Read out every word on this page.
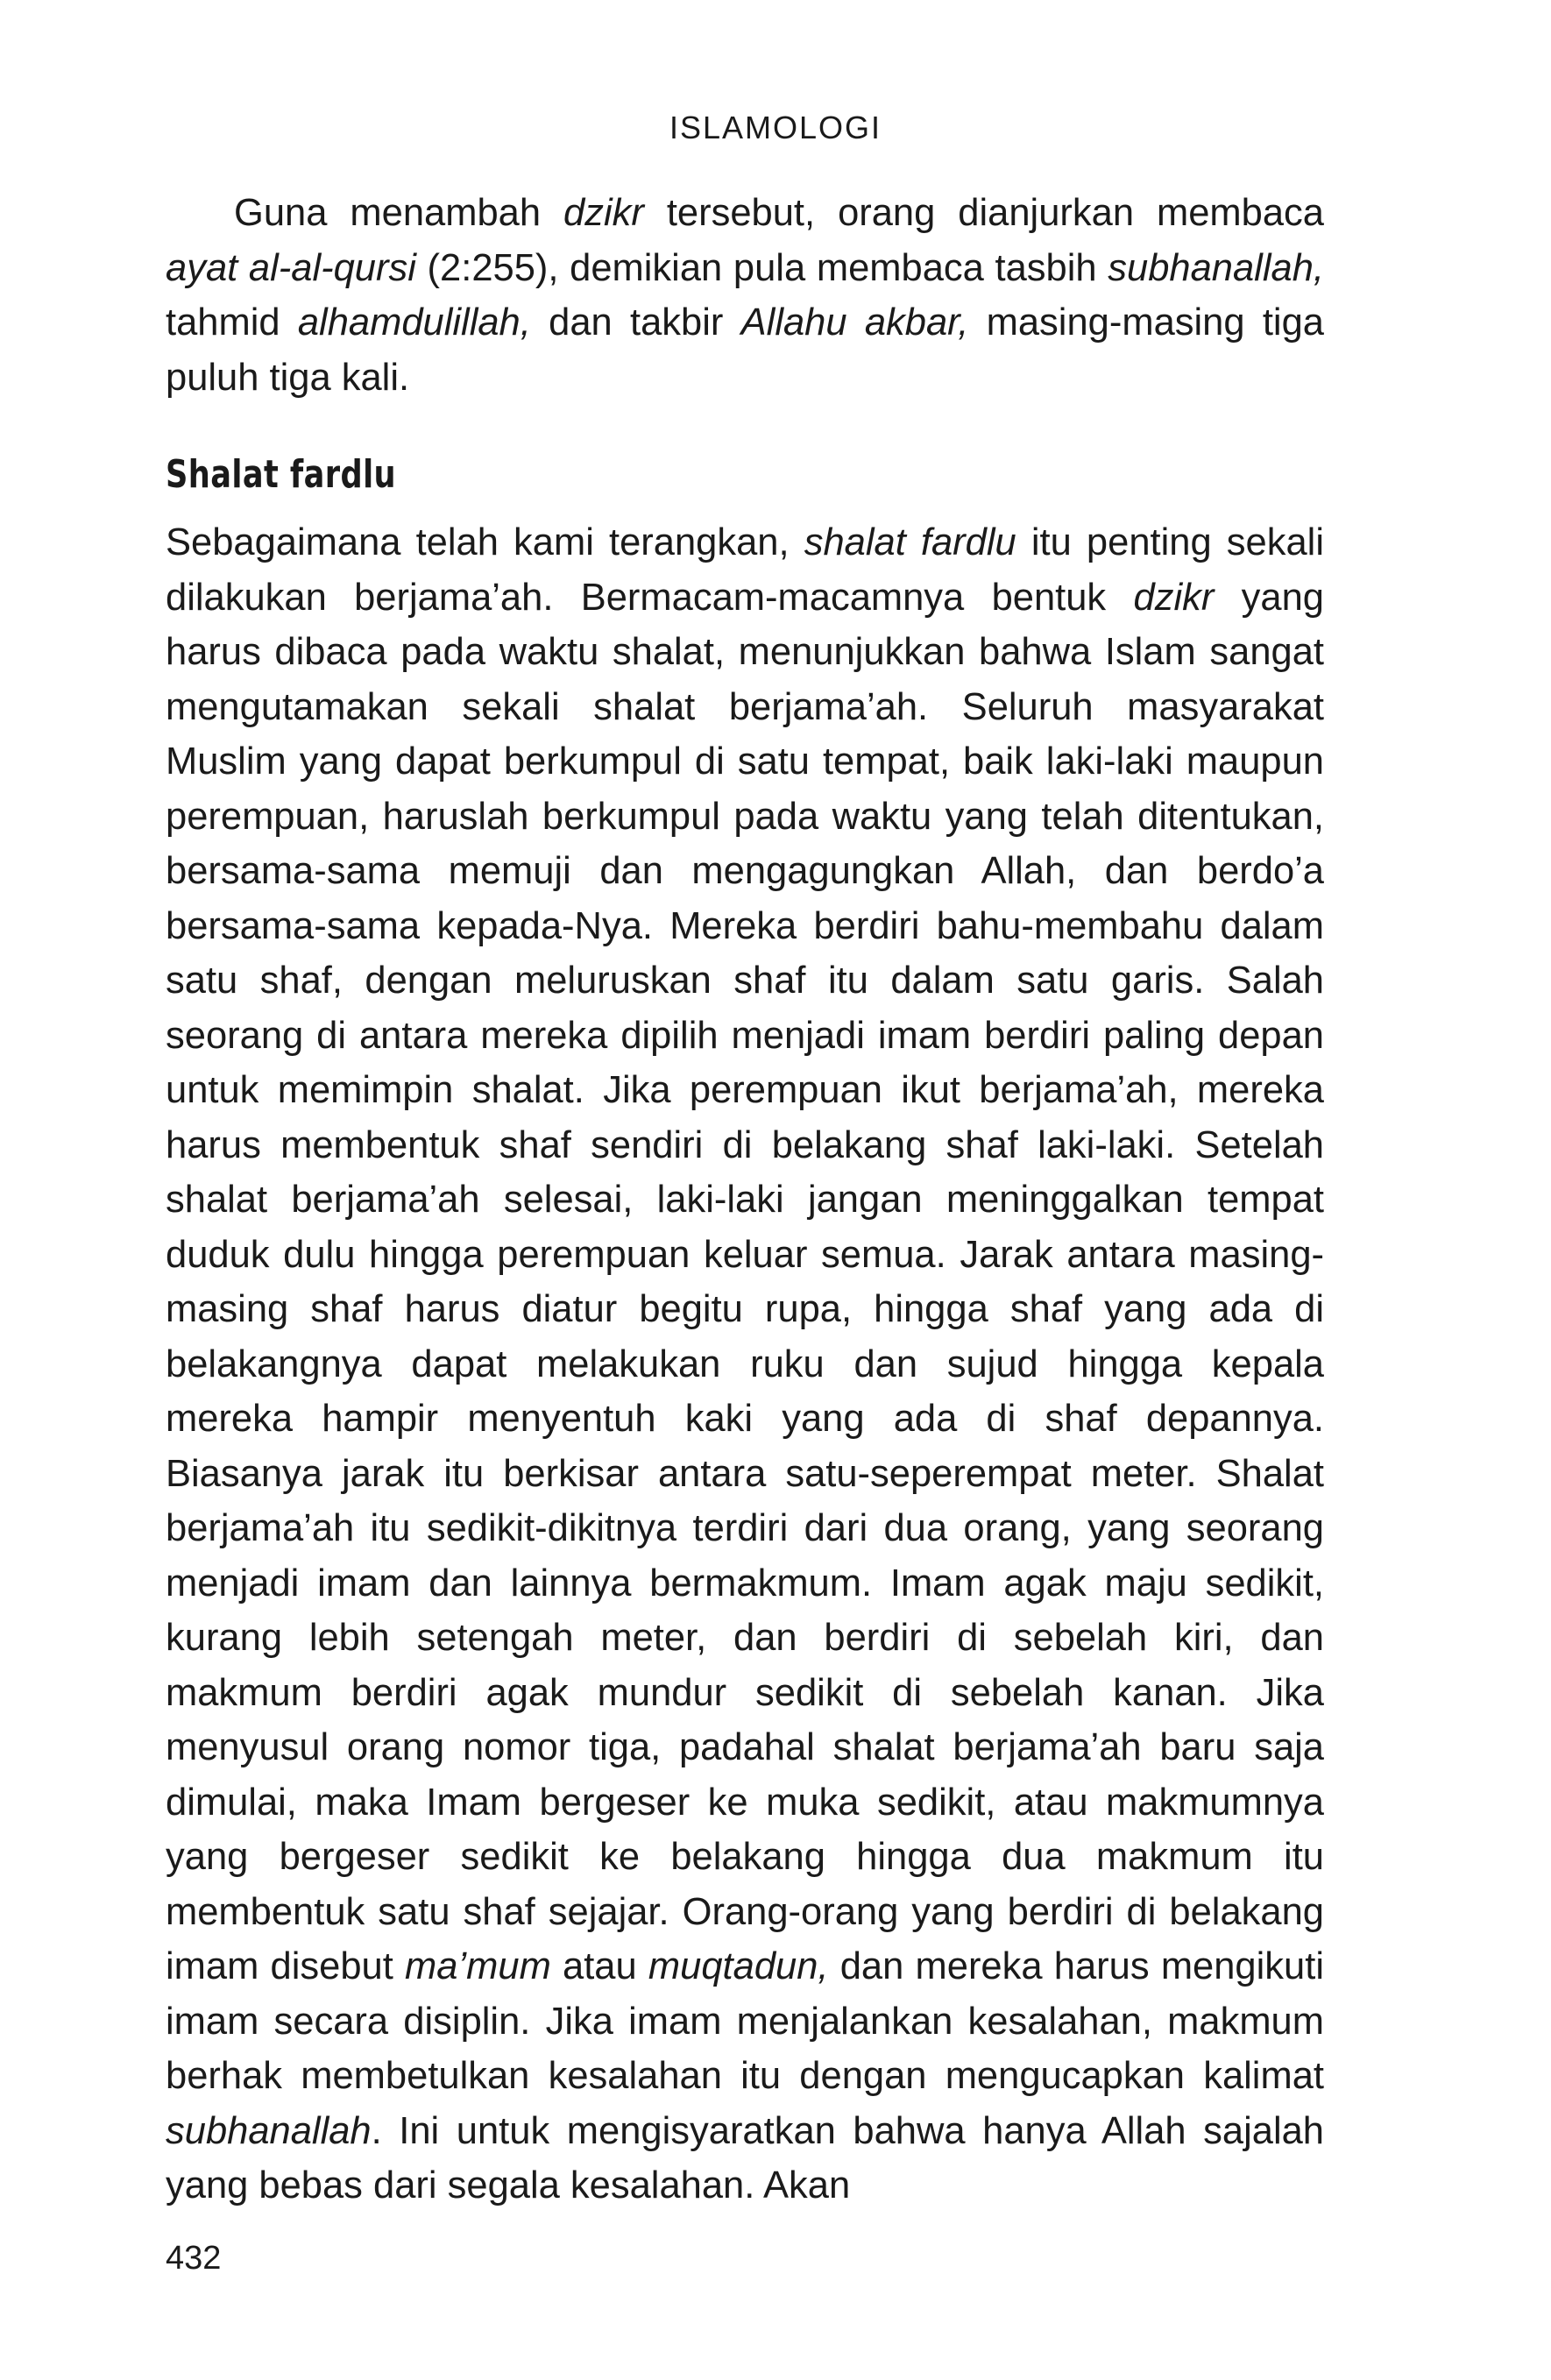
ISLAMOLOGI

Guna menambah dzikr tersebut, orang dianjurkan membaca ayat al-al-qursi (2:255), demikian pula membaca tasbih subhanallah, tahmid alhamdulillah, dan takbir Allahu akbar, masing-masing tiga puluh tiga kali.

Shalat fardlu

Sebagaimana telah kami terangkan, shalat fardlu itu penting sekali dilakukan berjama’ah. Bermacam-macamnya bentuk dzikr yang harus dibaca pada waktu shalat, menunjukkan bahwa Islam sangat mengutamakan sekali shalat berjama’ah. Seluruh masyarakat Muslim yang dapat berkumpul di satu tempat, baik laki-laki maupun perempuan, haruslah berkumpul pada waktu yang telah ditentukan, bersama-sama memuji dan mengagungkan Allah, dan berdo’a bersama-sama kepada-Nya. Mereka berdiri bahu-​membahu dalam satu shaf, dengan meluruskan shaf itu dalam satu garis. Salah seorang di antara mereka dipilih menjadi imam berdiri paling depan untuk memimpin shalat. Jika perempuan ikut berjama’ah, mereka harus membentuk shaf sendiri di belakang shaf laki-laki. Setelah shalat berjama’ah selesai, laki-laki jangan meninggalkan tempat duduk dulu hingga perempuan keluar semua. Jarak antara masing-masing shaf harus diatur begitu rupa, hingga shaf yang ada di belakangnya dapat melakukan ruku dan sujud hingga kepala mereka hampir menyentuh kaki yang ada di shaf depannya. Biasanya jarak itu berkisar antara satu-seperempat meter. Shalat berjama’ah itu sedikit-dikitnya terdiri dari dua orang, yang seorang menjadi imam dan lainnya bermakmum. Imam agak maju sedikit, kurang lebih setengah meter, dan berdiri di sebelah kiri, dan makmum berdiri agak mundur sedikit di sebelah kanan. Jika menyusul orang nomor tiga, padahal shalat berjama’ah baru saja dimulai, maka Imam bergeser ke muka sedikit, atau makmumnya yang bergeser sedikit ke belakang hingga dua makmum itu membentuk satu shaf sejajar. Orang-orang yang berdiri di belakang imam disebut ma’mum atau muqtadun, dan mereka harus mengikuti imam secara disiplin. Jika imam menjalankan kesalahan, makmum berhak membetulkan kesalahan itu dengan mengucapkan kalimat subhanallah. Ini untuk mengisyaratkan bahwa hanya Allah sajalah yang bebas dari segala kesalahan. Akan

432
